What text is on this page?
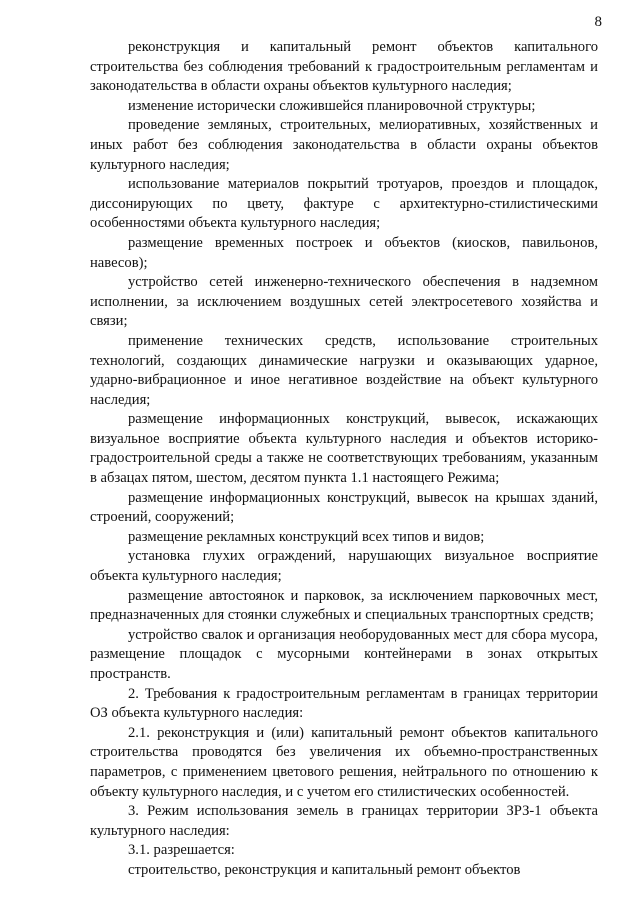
8

реконструкция и капитальный ремонт объектов капитального строительства без соблюдения требований к градостроительным регламентам и законодательства в области охраны объектов культурного наследия;

изменение исторически сложившейся планировочной структуры;

проведение земляных, строительных, мелиоративных, хозяйственных и иных работ без соблюдения законодательства в области охраны объектов культурного наследия;

использование материалов покрытий тротуаров, проездов и площадок, диссонирующих по цвету, фактуре с архитектурно-стилистическими особенностями объекта культурного наследия;

размещение временных построек и объектов (киосков, павильонов, навесов);

устройство сетей инженерно-технического обеспечения в надземном исполнении, за исключением воздушных сетей электросетевого хозяйства и связи;

применение технических средств, использование строительных технологий, создающих динамические нагрузки и оказывающих ударное, ударно-вибрационное и иное негативное воздействие на объект культурного наследия;

размещение информационных конструкций, вывесок, искажающих визуальное восприятие объекта культурного наследия и объектов историко-градостроительной среды а также не соответствующих требованиям, указанным в абзацах пятом, шестом, десятом пункта 1.1 настоящего Режима;

размещение информационных конструкций, вывесок на крышах зданий, строений, сооружений;

размещение рекламных конструкций всех типов и видов;

установка глухих ограждений, нарушающих визуальное восприятие объекта культурного наследия;

размещение автостоянок и парковок, за исключением парковочных мест, предназначенных для стоянки служебных и специальных транспортных средств;

устройство свалок и организация необорудованных мест для сбора мусора, размещение площадок с мусорными контейнерами в зонах открытых пространств.

2. Требования к градостроительным регламентам в границах территории ОЗ объекта культурного наследия:

2.1. реконструкция и (или) капитальный ремонт объектов капитального строительства проводятся без увеличения их объемно-пространственных параметров, с применением цветового решения, нейтрального по отношению к объекту культурного наследия, и с учетом его стилистических особенностей.

3. Режим использования земель в границах территории ЗРЗ-1 объекта культурного наследия:

3.1. разрешается:

строительство, реконструкция и капитальный ремонт объектов
